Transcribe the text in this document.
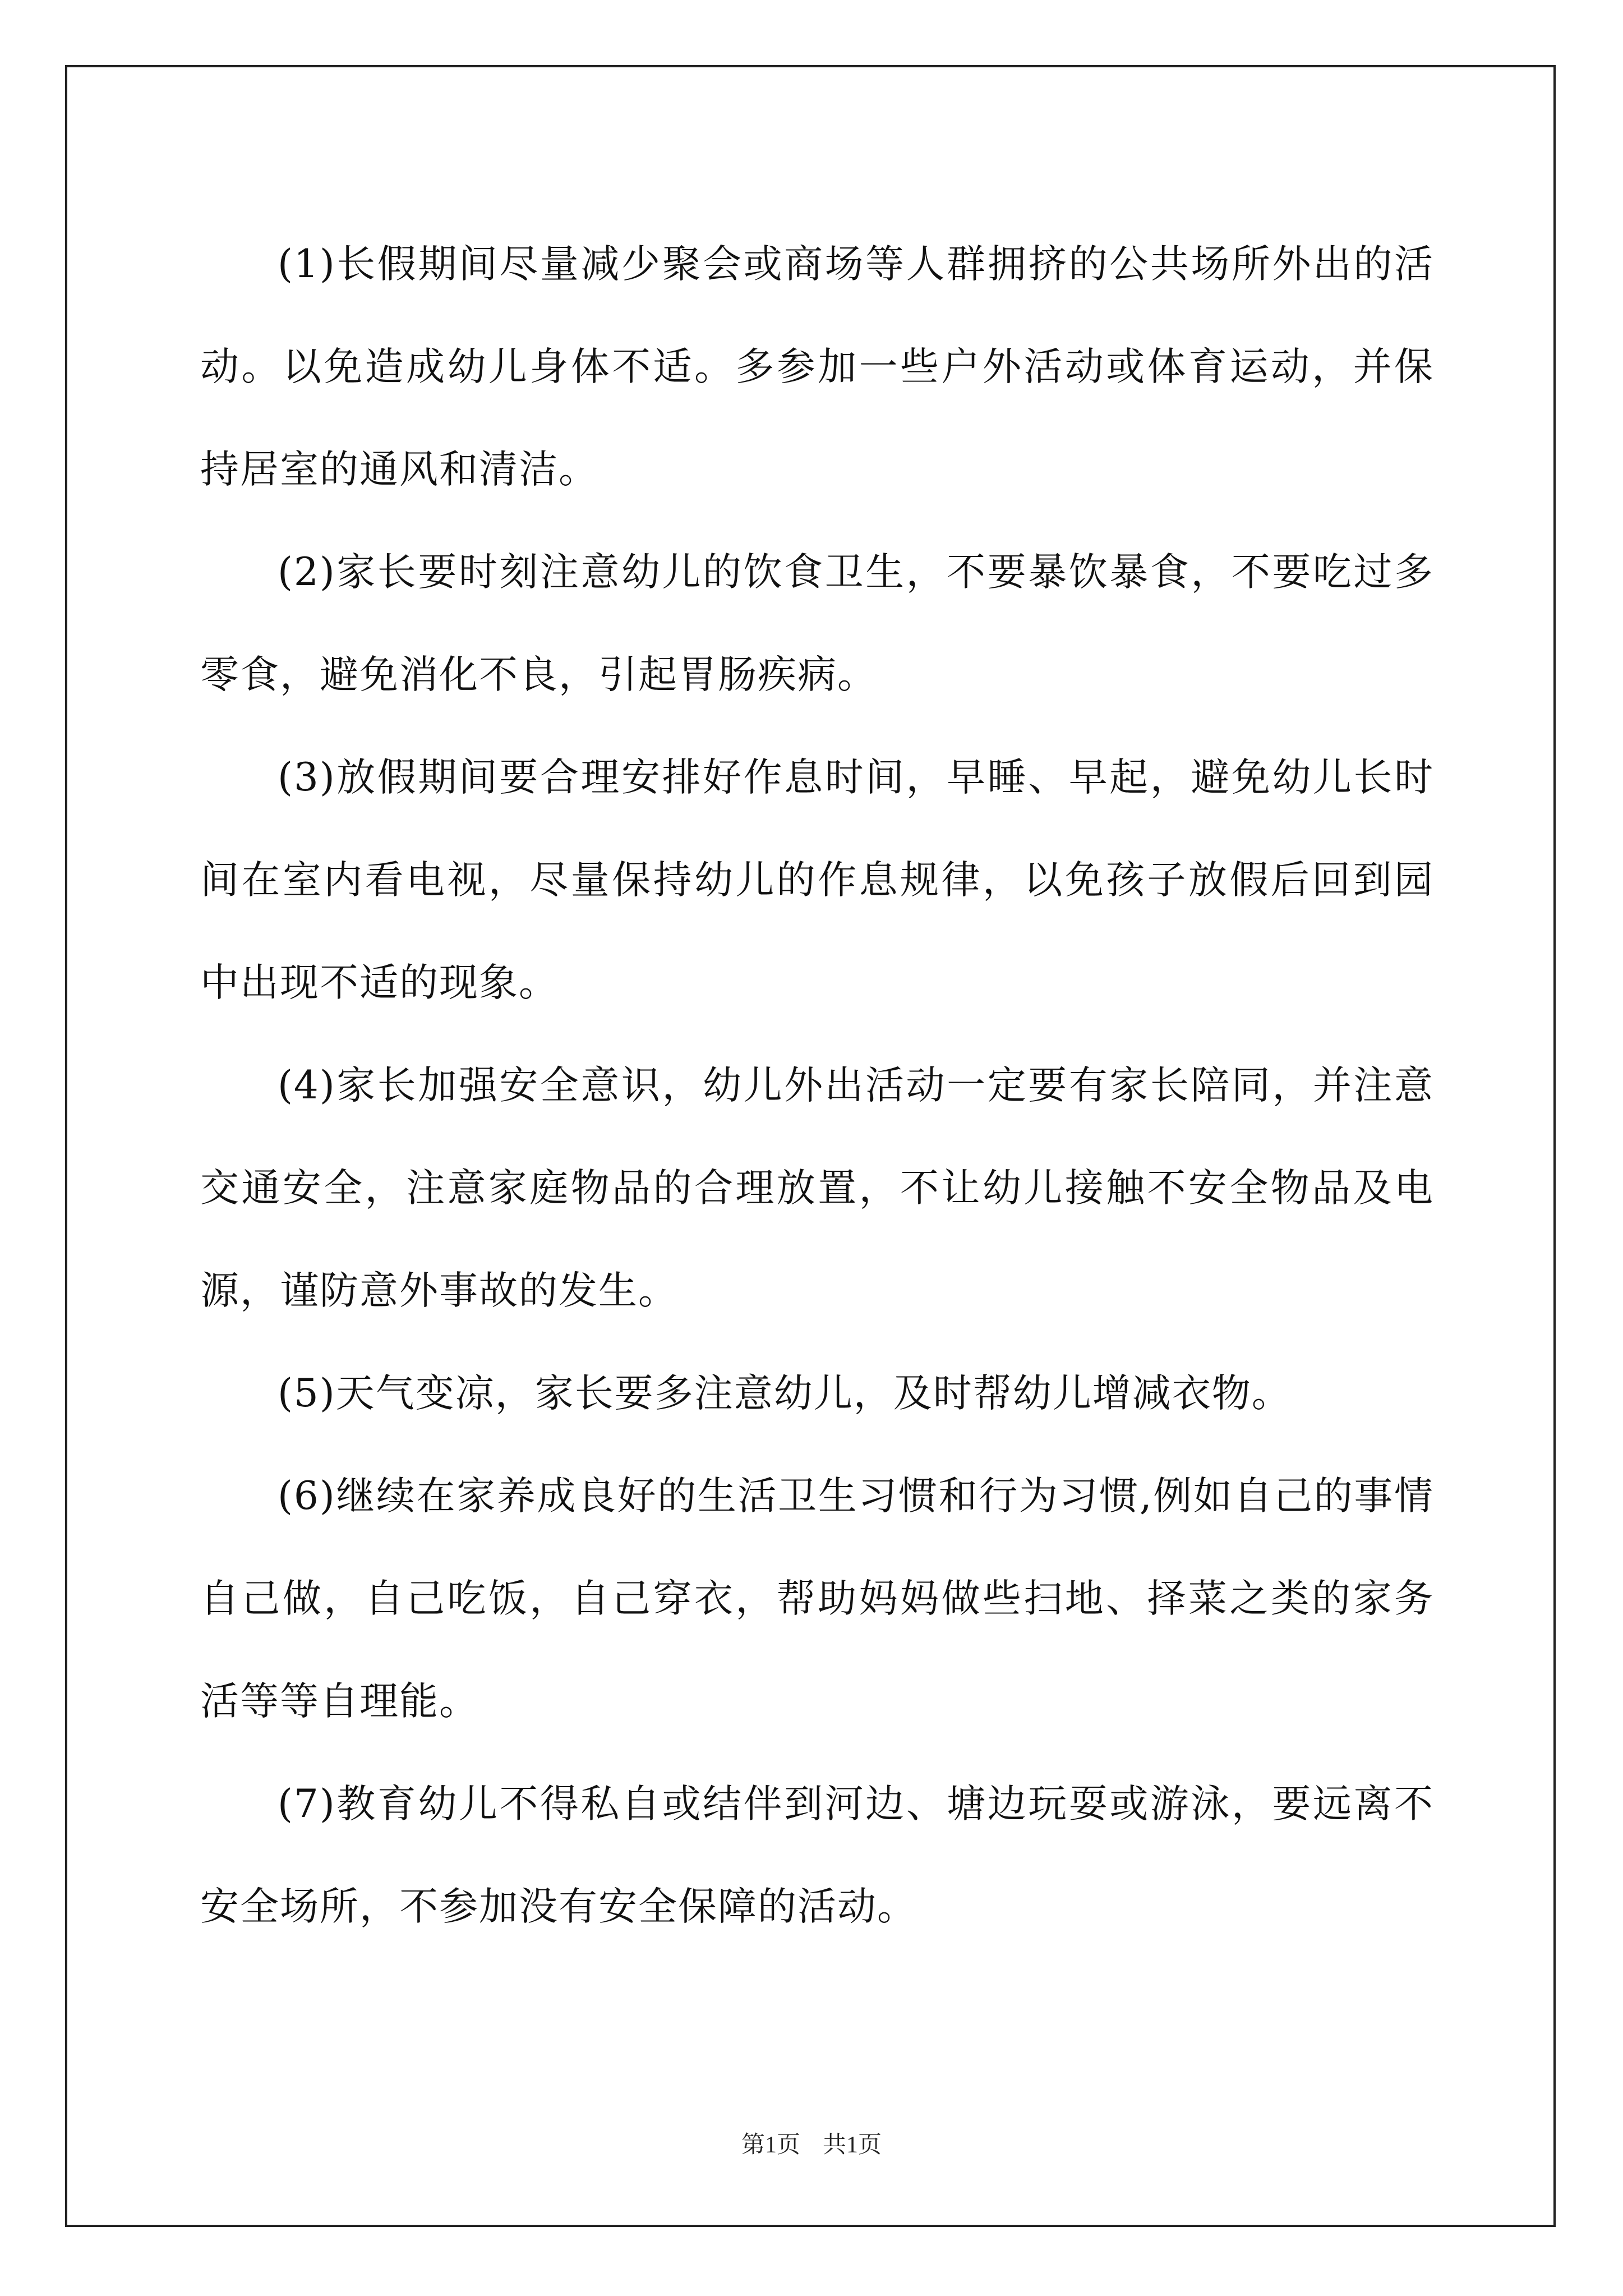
(1)长假期间尽量减少聚会或商场等人群拥挤的公共场所外出的活动。以免造成幼儿身体不适。多参加一些户外活动或体育运动，并保持居室的通风和清洁。

(2)家长要时刻注意幼儿的饮食卫生，不要暴饮暴食，不要吃过多零食，避免消化不良，引起胃肠疾病。

(3)放假期间要合理安排好作息时间，早睡、早起，避免幼儿长时间在室内看电视，尽量保持幼儿的作息规律，以免孩子放假后回到园中出现不适的现象。

(4)家长加强安全意识，幼儿外出活动一定要有家长陪同，并注意交通安全，注意家庭物品的合理放置，不让幼儿接触不安全物品及电源，谨防意外事故的发生。

(5)天气变凉，家长要多注意幼儿，及时帮幼儿增减衣物。

(6)继续在家养成良好的生活卫生习惯和行为习惯,例如自己的事情自己做，自己吃饭，自己穿衣，帮助妈妈做些扫地、择菜之类的家务活等等自理能。

(7)教育幼儿不得私自或结伴到河边、塘边玩耍或游泳，要远离不安全场所，不参加没有安全保障的活动。

第1页 共1页
